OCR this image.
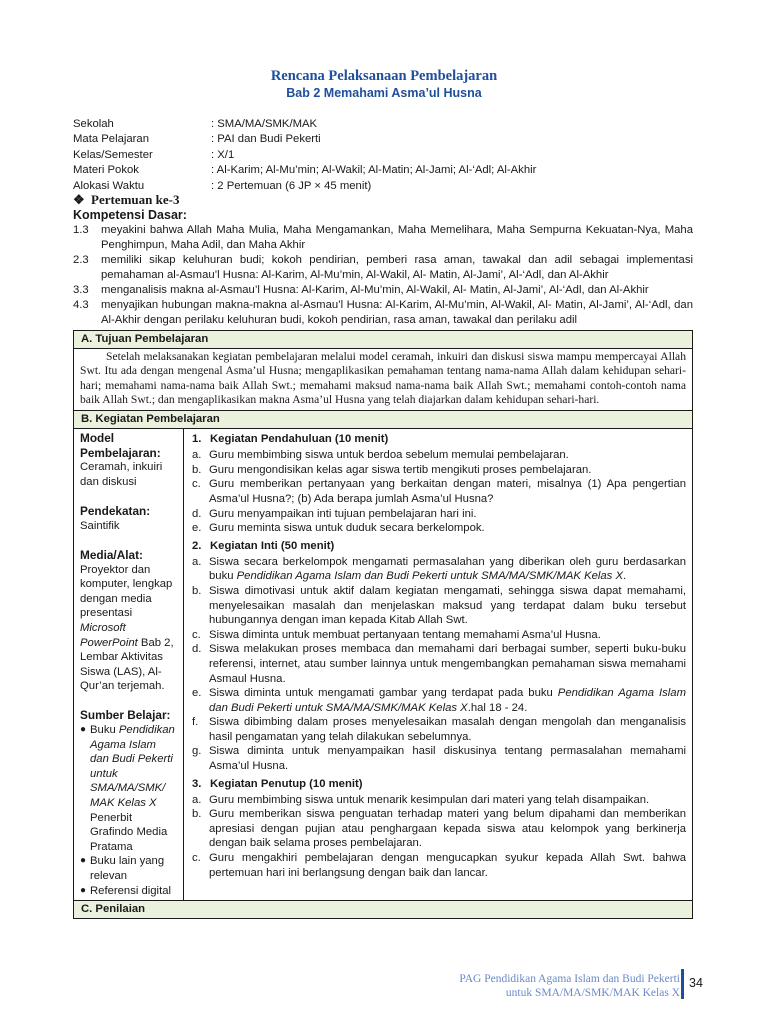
Rencana Pelaksanaan Pembelajaran
Bab 2 Memahami Asma’ul Husna
Sekolah	: SMA/MA/SMK/MAK
Mata Pelajaran	: PAI dan Budi Pekerti
Kelas/Semester	: X/1
Materi Pokok	: Al-Karim; Al-Mu’min; Al-Wakil; Al-Matin; Al-Jami; Al-‘Adl; Al-Akhir
Alokasi Waktu	: 2 Pertemuan (6 JP × 45 menit)
❖ Pertemuan ke-3
Kompetensi Dasar:
1.3	meyakini bahwa Allah Maha Mulia, Maha Mengamankan, Maha Memelihara, Maha Sempurna Kekuatan-Nya, Maha Penghimpun, Maha Adil, dan Maha Akhir
2.3	memiliki sikap keluhuran budi; kokoh pendirian, pemberi rasa aman, tawakal dan adil sebagai implementasi pemahaman al-Asmau’l Husna: Al-Karim, Al-Mu’min, Al-Wakil, Al- Matin, Al-Jami’, Al-‘Adl, dan Al-Akhir
3.3	menganalisis makna al-Asmau’l Husna: Al-Karim, Al-Mu’min, Al-Wakil, Al- Matin, Al-Jami’, Al-‘Adl, dan Al-Akhir
4.3	menyajikan hubungan makna-makna al-Asmau’l Husna: Al-Karim, Al-Mu’min, Al-Wakil, Al- Matin, Al-Jami’, Al-‘Adl, dan Al-Akhir dengan perilaku keluhuran budi, kokoh pendirian, rasa aman, tawakal dan perilaku adil
A. Tujuan Pembelajaran
Setelah melaksanakan kegiatan pembelajaran melalui model ceramah, inkuiri dan diskusi siswa mampu mempercayai Allah Swt. Itu ada dengan mengenal Asma’ul Husna; mengaplikasikan pemahaman tentang nama-nama Allah dalam kehidupan sehari-hari; memahami nama-nama baik Allah Swt.; memahami maksud nama-nama baik Allah Swt.; memahami contoh-contoh nama baik Allah Swt.; dan mengaplikasikan makna Asma’ul Husna yang telah diajarkan dalam kehidupan sehari-hari.
B. Kegiatan Pembelajaran
Model Pembelajaran:
Ceramah, inkuiri dan diskusi
Pendekatan:
Saintifik
Media/Alat:
Proyektor dan komputer, lengkap dengan media presentasi Microsoft PowerPoint Bab 2, Lembar Aktivitas Siswa (LAS), Al-Qur’an terjemah.
Sumber Belajar:
● Buku Pendidikan Agama Islam dan Budi Pekerti untuk SMA/MA/SMK/ MAK Kelas X Penerbit Grafindo Media Pratama
● Buku lain yang relevan
● Referensi digital
1. Kegiatan Pendahuluan (10 menit)
a. Guru membimbing siswa untuk berdoa sebelum memulai pembelajaran.
b. Guru mengondisikan kelas agar siswa tertib mengikuti proses pembelajaran.
c. Guru memberikan pertanyaan yang berkaitan dengan materi, misalnya (1) Apa pengertian Asma’ul Husna?; (b) Ada berapa jumlah Asma’ul Husna?
d. Guru menyampaikan inti tujuan pembelajaran hari ini.
e. Guru meminta siswa untuk duduk secara berkelompok.
2. Kegiatan Inti (50 menit)
a. Siswa secara berkelompok mengamati permasalahan yang diberikan oleh guru berdasarkan buku Pendidikan Agama Islam dan Budi Pekerti untuk SMA/MA/SMK/MAK Kelas X.
b. Siswa dimotivasi untuk aktif dalam kegiatan mengamati, sehingga siswa dapat memahami, menyelesaikan masalah dan menjelaskan maksud yang terdapat dalam buku tersebut hubungannya dengan iman kepada Kitab Allah Swt.
c. Siswa diminta untuk membuat pertanyaan tentang memahami Asma’ul Husna.
d. Siswa melakukan proses membaca dan memahami dari berbagai sumber, seperti buku-buku referensi, internet, atau sumber lainnya untuk mengembangkan pemahaman siswa memahami Asmaul Husna.
e. Siswa diminta untuk mengamati gambar yang terdapat pada buku Pendidikan Agama Islam dan Budi Pekerti untuk SMA/MA/SMK/MAK Kelas X.hal 18 - 24.
f. Siswa dibimbing dalam proses menyelesaikan masalah dengan mengolah dan menganalisis hasil pengamatan yang telah dilakukan sebelumnya.
g. Siswa diminta untuk menyampaikan hasil diskusinya tentang permasalahan memahami Asma’ul Husna.
3. Kegiatan Penutup (10 menit)
a. Guru membimbing siswa untuk menarik kesimpulan dari materi yang telah disampaikan.
b. Guru memberikan siswa penguatan terhadap materi yang belum dipahami dan memberikan apresiasi dengan pujian atau penghargaan kepada siswa atau kelompok yang berkinerja dengan baik selama proses pembelajaran.
c. Guru mengakhiri pembelajaran dengan mengucapkan syukur kepada Allah Swt. bahwa pertemuan hari ini berlangsung dengan baik dan lancar.
C. Penilaian
PAG Pendidikan Agama Islam dan Budi Pekerti
untuk SMA/MA/SMK/MAK Kelas X
34
